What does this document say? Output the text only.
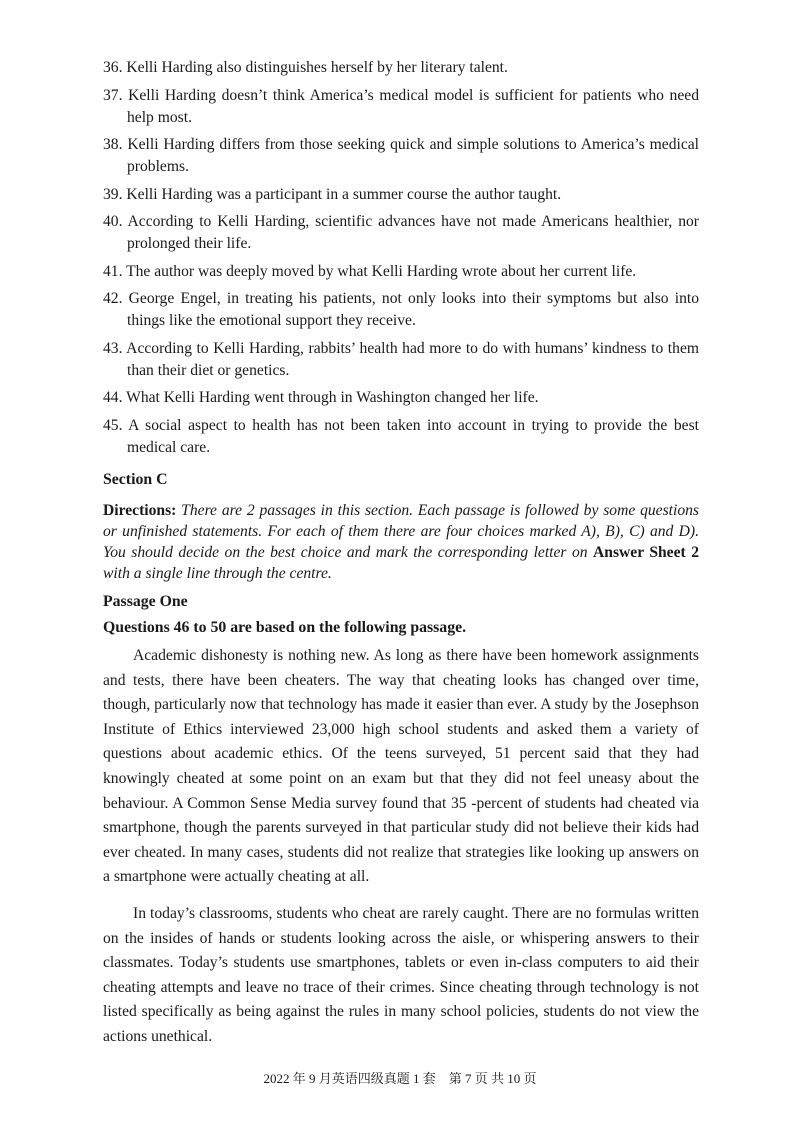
36. Kelli Harding also distinguishes herself by her literary talent.

37. Kelli Harding doesn’t think America’s medical model is sufficient for patients who need help most.

38. Kelli Harding differs from those seeking quick and simple solutions to America’s medical problems.

39. Kelli Harding was a participant in a summer course the author taught.

40. According to Kelli Harding, scientific advances have not made Americans healthier, nor prolonged their life.

41. The author was deeply moved by what Kelli Harding wrote about her current life.

42. George Engel, in treating his patients, not only looks into their symptoms but also into things like the emotional support they receive.

43. According to Kelli Harding, rabbits’ health had more to do with humans’ kindness to them than their diet or genetics.

44. What Kelli Harding went through in Washington changed her life.

45. A social aspect to health has not been taken into account in trying to provide the best medical care.

Section C
Directions: There are 2 passages in this section. Each passage is followed by some questions or unfinished statements. For each of them there are four choices marked A), B), C) and D). You should decide on the best choice and mark the corresponding letter on Answer Sheet 2 with a single line through the centre.
Passage One
Questions 46 to 50 are based on the following passage.

Academic dishonesty is nothing new. As long as there have been homework assignments and tests, there have been cheaters. The way that cheating looks has changed over time, though, particularly now that technology has made it easier than ever. A study by the Josephson Institute of Ethics interviewed 23,000 high school students and asked them a variety of questions about academic ethics. Of the teens surveyed, 51 percent said that they had knowingly cheated at some point on an exam but that they did not feel uneasy about the behaviour. A Common Sense Media survey found that 35 -percent of students had cheated via smartphone, though the parents surveyed in that particular study did not believe their kids had ever cheated. In many cases, students did not realize that strategies like looking up answers on a smartphone were actually cheating at all.

In today’s classrooms, students who cheat are rarely caught. There are no formulas written on the insides of hands or students looking across the aisle, or whispering answers to their classmates. Today’s students use smartphones, tablets or even in-class computers to aid their cheating attempts and leave no trace of their crimes. Since cheating through technology is not listed specifically as being against the rules in many school policies, students do not view the actions unethical.

2022 年 9 月英语四级真题 1 套　第 7 页 共 10 页
